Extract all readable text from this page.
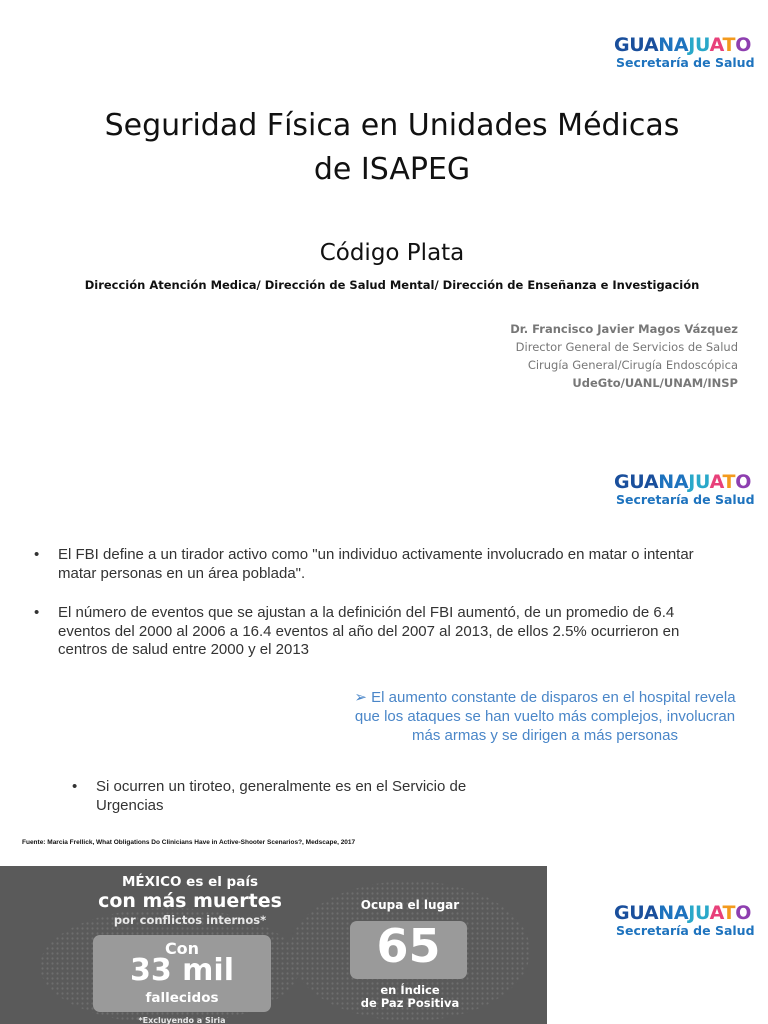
GUANAJUATO
Secretaría de Salud
Seguridad Física en Unidades Médicas
de ISAPEG
Código Plata
Dirección Atención Medica/ Dirección de Salud Mental/ Dirección de Enseñanza e Investigación
Dr. Francisco Javier Magos Vázquez
Director General de Servicios de Salud
Cirugía General/Cirugía Endoscópica
UdeGto/UANL/UNAM/INSP
GUANAJUATO
Secretaría de Salud
• El FBI define a un tirador activo como "un individuo activamente involucrado en matar o intentar matar personas en un área poblada".
• El número de eventos que se ajustan a la definición del FBI aumentó, de un promedio de 6.4 eventos del 2000 al 2006 a 16.4 eventos al año del 2007 al 2013, de ellos 2.5% ocurrieron en centros de salud entre 2000 y el 2013
➢ El aumento constante de disparos en el hospital revela que los ataques se han vuelto más complejos, involucran más armas y se dirigen a más personas
• Si ocurren un tiroteo, generalmente es en el Servicio de Urgencias
Fuente: Marcia Frellick, What Obligations Do Clinicians Have in Active-Shooter Scenarios?, Medscape, 2017
MÉXICO es el país
con más muertes
por conflictos internos*
Con
33 mil
fallecidos
*Excluyendo a Siria
Ocupa el lugar
65
en Índice
de Paz Positiva
GUANAJUATO
Secretaría de Salud
